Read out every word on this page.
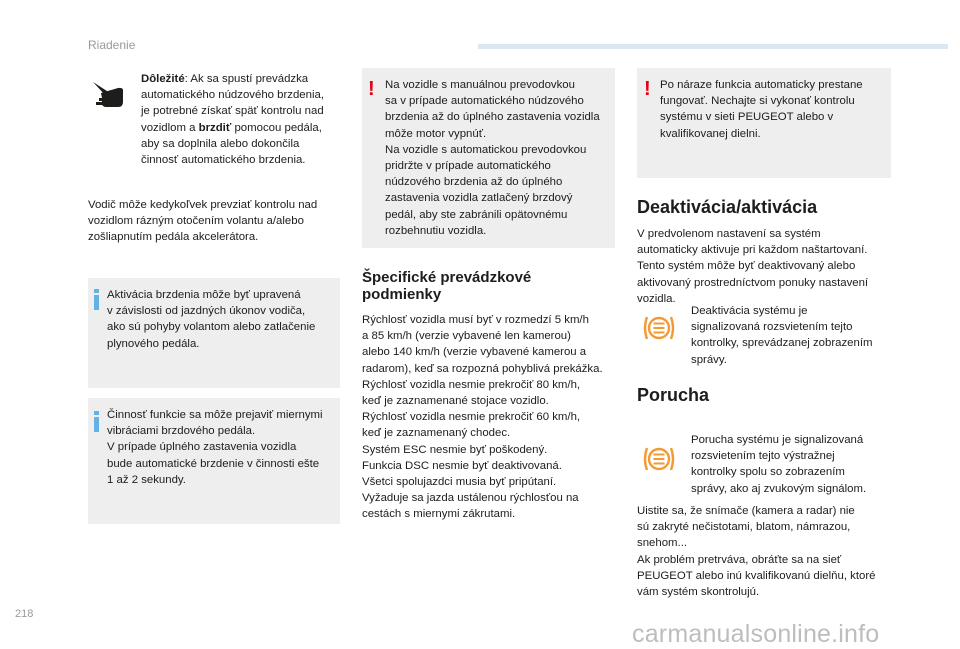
Riadenie
Dôležité: Ak sa spustí prevádzka
automatického núdzového brzdenia,
je potrebné získať späť kontrolu nad
vozidlom a brzdiť pomocou pedála,
aby sa doplnila alebo dokončila
činnosť automatického brzdenia.
Vodič môže kedykoľvek prevziať kontrolu nad
vozidlom rázným otočením volantu a/alebo
zošliapnutím pedála akcelerátora.
Aktivácia brzdenia môže byť upravená
v závislosti od jazdných úkonov vodiča,
ako sú pohyby volantom alebo zatlačenie
plynového pedála.
Činnosť funkcie sa môže prejaviť miernymi
vibráciami brzdového pedála.
V prípade úplného zastavenia vozidla
bude automatické brzdenie v činnosti ešte
1 až 2 sekundy.
! Na vozidle s manuálnou prevodovkou
sa v prípade automatického núdzového
brzdenia až do úplného zastavenia vozidla
môže motor vypnúť.
Na vozidle s automatickou prevodovkou
pridržte v prípade automatického
núdzového brzdenia až do úplného
zastavenia vozidla zatlačený brzdový
pedál, aby ste zabránili opätovnému
rozbehnutiu vozidla.
Špecifické prevádzkové
podmienky
Rýchlosť vozidla musí byť v rozmedzí 5 km/h
a 85 km/h (verzie vybavené len kamerou)
alebo 140 km/h (verzie vybavené kamerou a
radarom), keď sa rozpozná pohyblivá prekážka.
Rýchlosť vozidla nesmie prekročiť 80 km/h,
keď je zaznamenané stojace vozidlo.
Rýchlosť vozidla nesmie prekročiť 60 km/h,
keď je zaznamenaný chodec.
Systém ESC nesmie byť poškodený.
Funkcia DSC nesmie byť deaktivovaná.
Všetci spolujazdci musia byť pripútaní.
Vyžaduje sa jazda ustálenou rýchlosťou na
cestách s miernymi zákrutami.
! Po náraze funkcia automaticky prestane
fungovať. Nechajte si vykonať kontrolu
systému v sieti PEUGEOT alebo v
kvalifikovanej dielni.
Deaktivácia/aktivácia
V predvolenom nastavení sa systém
automaticky aktivuje pri každom naštartovaní.
Tento systém môže byť deaktivovaný alebo
aktivovaný prostredníctvom ponuky nastavení
vozidla.
Deaktivácia systému je
signalizovaná rozsvietením tejto
kontrolky, sprevádzanej zobrazením
správy.
Porucha
Porucha systému je signalizovaná
rozsvietením tejto výstražnej
kontrolky spolu so zobrazením
správy, ako aj zvukovým signálom.
Uistite sa, že snímače (kamera a radar) nie
sú zakryté nečistotami, blatom, námrazou,
snehom...
Ak problém pretrváva, obráťte sa na sieť
PEUGEOT alebo inú kvalifikovanú dielňu, ktoré
vám systém skontrolujú.
218
carmanualsonline.info
